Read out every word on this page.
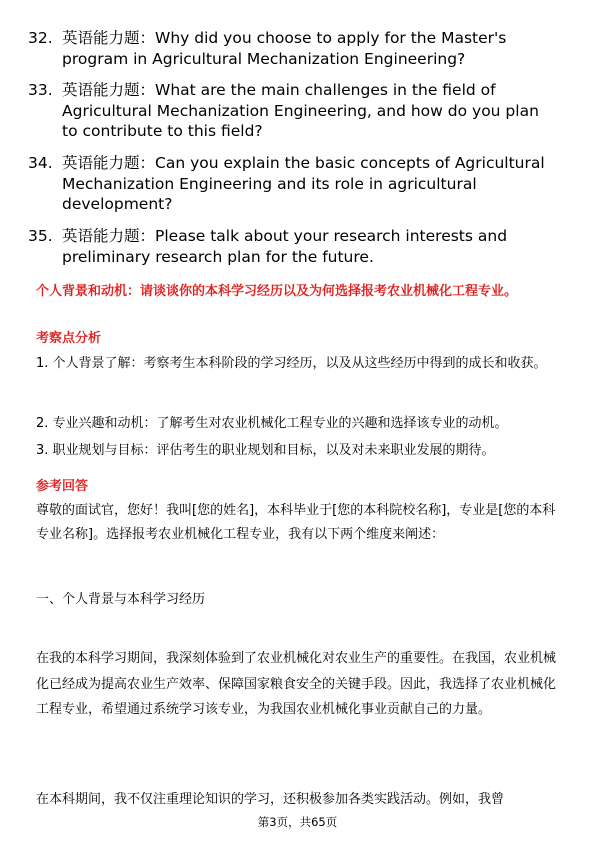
32. 英语能力题：Why did you choose to apply for the Master's program in Agricultural Mechanization Engineering?
33. 英语能力题：What are the main challenges in the field of Agricultural Mechanization Engineering, and how do you plan to contribute to this field?
34. 英语能力题：Can you explain the basic concepts of Agricultural Mechanization Engineering and its role in agricultural development?
35. 英语能力题：Please talk about your research interests and preliminary research plan for the future.
个人背景和动机：请谈谈你的本科学习经历以及为何选择报考农业机械化工程专业。
考察点分析
1. 个人背景了解：考察考生本科阶段的学习经历，以及从这些经历中得到的成长和收获。
2. 专业兴趣和动机：了解考生对农业机械化工程专业的兴趣和选择该专业的动机。
3. 职业规划与目标：评估考生的职业规划和目标，以及对未来职业发展的期待。
参考回答
尊敬的面试官，您好！我叫[您的姓名]，本科毕业于[您的本科院校名称]，专业是[您的本科专业名称]。选择报考农业机械化工程专业，我有以下两个维度来阐述：
一、个人背景与本科学习经历
在我的本科学习期间，我深刻体验到了农业机械化对农业生产的重要性。在我国，农业机械化已经成为提高农业生产效率、保障国家粮食安全的关键手段。因此，我选择了农业机械化工程专业，希望通过系统学习该专业，为我国农业机械化事业贡献自己的力量。
在本科期间，我不仅注重理论知识的学习，还积极参加各类实践活动。例如，我曾
第3页，共65页
